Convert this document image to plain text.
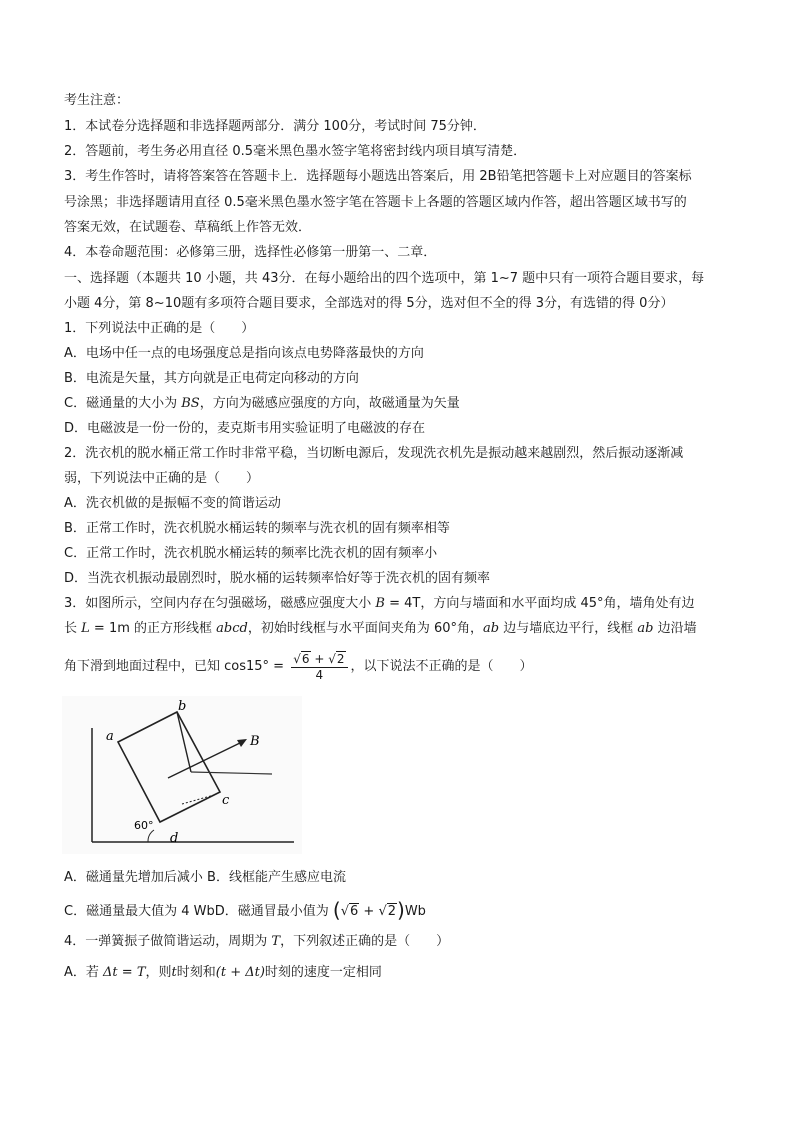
考生注意：
1．本试卷分选择题和非选择题两部分．满分 100分，考试时间 75分钟．
2．答题前，考生务必用直径 0.5毫米黑色墨水签字笔将密封线内项目填写清楚．
3．考生作答时，请将答案答在答题卡上．选择题每小题选出答案后，用 2B铅笔把答题卡上对应题目的答案标
号涂黑；非选择题请用直径 0.5毫米黑色墨水签字笔在答题卡上各题的答题区域内作答，超出答题区域书写的
答案无效，在试题卷、草稿纸上作答无效．
4．本卷命题范围：必修第三册，选择性必修第一册第一、二章．
一、选择题（本题共 10 小题，共 43分．在每小题给出的四个选项中，第 1~7 题中只有一项符合题目要求，每
小题 4分，第 8~10题有多项符合题目要求，全部选对的得 5分，选对但不全的得 3分，有选错的得 0分）
1．下列说法中正确的是（　　）
A．电场中任一点的电场强度总是指向该点电势降落最快的方向
B．电流是矢量，其方向就是正电荷定向移动的方向
C．磁通量的大小为 BS，方向为磁感应强度的方向，故磁通量为矢量
D．电磁波是一份一份的，麦克斯韦用实验证明了电磁波的存在
2．洗衣机的脱水桶正常工作时非常平稳，当切断电源后，发现洗衣机先是振动越来越剧烈，然后振动逐渐减
弱，下列说法中正确的是（　　）
A．洗衣机做的是振幅不变的简谐运动
B．正常工作时，洗衣机脱水桶运转的频率与洗衣机的固有频率相等
C．正常工作时，洗衣机脱水桶运转的频率比洗衣机的固有频率小
D．当洗衣机振动最剧烈时，脱水桶的运转频率恰好等于洗衣机的固有频率
3．如图所示，空间内存在匀强磁场，磁感应强度大小 B = 4T，方向与墙面和水平面均成 45°角，墙角处有边
长 L = 1m 的正方形线框 abcd，初始时线框与水平面间夹角为 60°角，ab 边与墙底边平行，线框 ab 边沿墙
角下滑到地面过程中，已知 $\cos 15^\circ = \frac{√6 + √2}{4}$ ，以下说法不正确的是（　　）
a
b
c
d
B
60°
A．磁通量先增加后减小 B．线框能产生感应电流
C．磁通量最大值为 4 WbD．磁通冒最小值为 (√6 + √2)Wb
4．一弹簧振子做简谐运动，周期为 T，下列叙述正确的是（　　）
A．若 Δt = T，则t时刻和(t + Δt)时刻的速度一定相同
